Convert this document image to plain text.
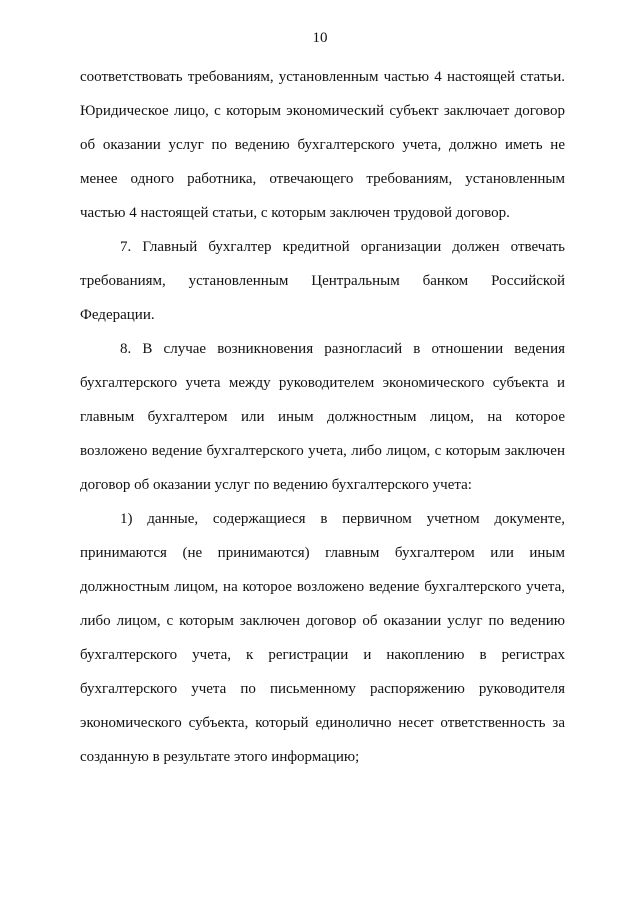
10

соответствовать требованиям, установленным частью 4 настоящей статьи.
Юридическое лицо, с которым экономический субъект заключает договор
об оказании услуг по ведению бухгалтерского учета, должно иметь не
менее одного работника, отвечающего требованиям, установленным
частью 4 настоящей статьи, с которым заключен трудовой договор.

7. Главный бухгалтер кредитной организации должен отвечать
требованиям, установленным Центральным банком Российской
Федерации.

8. В случае возникновения разногласий в отношении ведения
бухгалтерского учета между руководителем экономического субъекта и
главным бухгалтером или иным должностным лицом, на которое
возложено ведение бухгалтерского учета, либо лицом, с которым заключен
договор об оказании услуг по ведению бухгалтерского учета:

1) данные, содержащиеся в первичном учетном документе,
принимаются (не принимаются) главным бухгалтером или иным
должностным лицом, на которое возложено ведение бухгалтерского учета,
либо лицом, с которым заключен договор об оказании услуг по ведению
бухгалтерского учета, к регистрации и накоплению в регистрах
бухгалтерского учета по письменному распоряжению руководителя
экономического субъекта, который единолично несет ответственность за
созданную в результате этого информацию;
